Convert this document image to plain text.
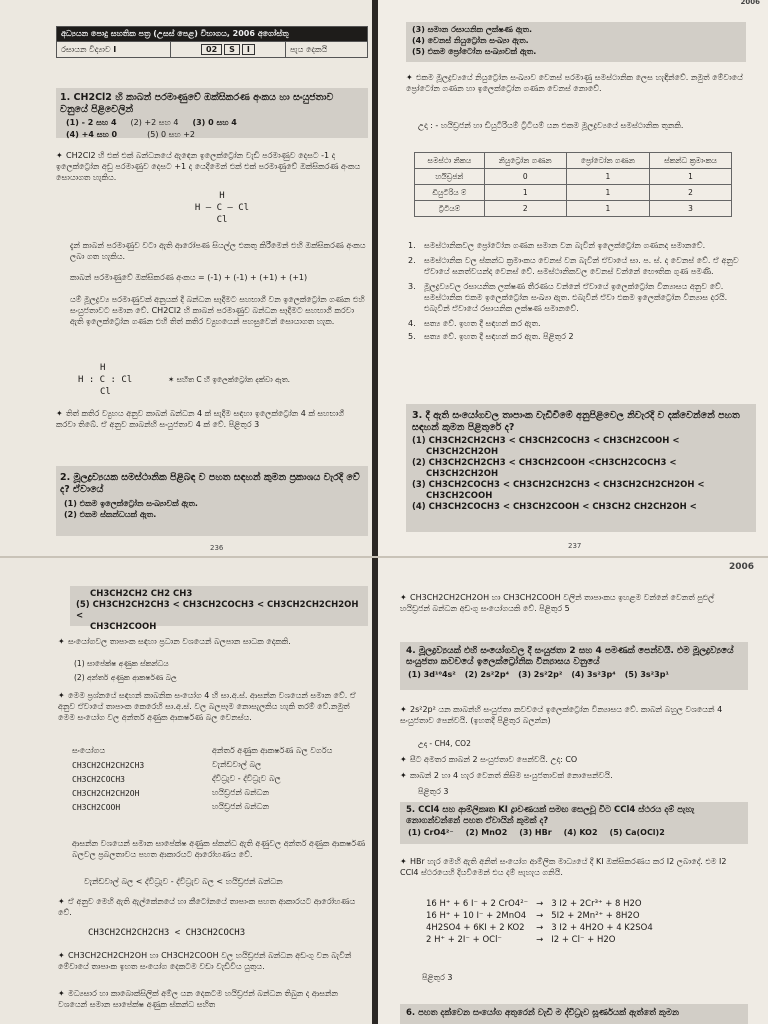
අධ්‍යයන පොදු සහතික පත්‍ර (උසස් පෙළ) විභාගය, 2006 අගෝස්තු
රසායන විද්‍යාව I	02 S I	පැය දෙකයි
1. CH2Cl2 හි කාබන් පරමාණුවේ ඔක්සිකරණ අංකය හා සංයුජතාව වනුයේ පිළිවෙලින්
(1) - 2 සහ 4 (2) +2 සහ 4 (3) 0 සහ 4
(4) +4 සහ 0	(5) 0 සහ +2
✦ CH2Cl2 හි එක් එක් බන්ධනයේ ඇඳෙන ඉලෙක්ට්‍රෝන වැඩි පරමාණුව දෙසට -1 ද ඉලෙක්ට්‍රෝන අඩු පරමාණුව දෙසට +1 ද යෙදීමෙන් එක් එක් පරමාණුවේ ඔක්සිකරණ අංකය සොයාගත හැකිය.
H
H — C — Cl
Cl
දැන් කාබන් පරමාණුව වටා ඇති ආරෝපණ සියල්ල එකතු කිරීමෙන් එහි ඔක්සිකරණ අංකය ලබා ගත හැකිය.
කාබන් පරමාණුවේ ඔක්සිකරණ අංකය = (-1) + (-1) + (+1) + (+1)
යම් මූලද්‍රව්‍ය පරමාණුවක් අනුයක් දී බන්ධන සෑදීමට සහභාගී වන ඉලෙක්ට්‍රෝන ගණන එහි සංයුජතාවට සමාන වේ. CH2Cl2 හි කාබන් පරමාණුව බන්ධන සෑදීමට සහභාගී කරවා ඇති ඉලෙක්ට්‍රෝන ගණන එහි තිත් කතිර ව්‍යුහයෙන් පහසුවෙන් සොයාගත හැක.
H
H : C : Cl
Cl
✶ සහිත C හි ඉලෙක්ට්‍රෝන දක්වා ඇත.
✦ තිත් කතිර ව්‍යුහය අනුව කාබන් බන්ධන 4 ක් සැදීම සඳහා ඉලෙක්ට්‍රෝන 4 ක් සහභාගී කරවා තිබේ. ඒ අනුව කාබන්හි සංයුජතාව 4 ක් වේ. පිළිතුර 3
2. මූලද්‍රව්‍යයක සමස්ථානික පිළිබඳ ව පහත සඳහන් කුමන ප්‍රකාශය වැරදි වේ ද? ඒවායේ
(1) එකම ඉලෙක්ට්‍රෝන සංඛ්‍යාවක් ඇත.
(2) එකම ස්කන්ධයක් ඇත.
236
2006
(3) සමාන රසායනික ලක්ෂණ ඇත.
(4) වෙනස් නියුට්‍රෝන සංඛ්‍යා ඇත.
(5) එකම ප්‍රෝටෝන සංඛ්‍යාවක් ඇත.
✦ එකම මූලද්‍රව්‍යයේ නියුට්‍රෝන සංඛ්‍යාව වෙනස් පරමාණු සමස්ථානික ලෙස හැඳින්වේ. නමුත් මේවායේ ප්‍රෝටෝන ගණන හා ඉලෙක්ට්‍රෝන ගණන වෙනස් නොවේ.
උදා : - හයිඩ්‍රජන් හා ඩියුටීරියම් ට්‍රිටියම් යන එකම මූලද්‍රව්‍යයේ සමස්ථානික තුනකි.
සමස්ථා නිකය	නියුට්‍රෝන ගණන	ප්‍රෝටෝන ගණන	ස්කන්ධ ක්‍රමාංකය
හයිඩ්‍රජන්	0	1	1
ඩියුටීරිය ම්	1	1	2
ට්‍රිටියම්	2	1	3
1.	සමස්ථානිකවල ප්‍රෝටෝන ගණන සමාන වන බැවින් ඉලෙක්ට්‍රෝන ගණනද සමානවේ.
2.	සමස්ථානික වල ස්කන්ධ ක්‍රමාංකය වෙනස් වන බැවින් ඒවායේ සා. ප. ස්. ද වෙනස් වේ. ඒ අනුව ඒවායේ ඝනත්වයන්ද වෙනස් වේ. සමස්ථානිකවල වෙනස් වන්නේ භෞතික ගුණ පමණි.
3.	මූලද්‍රව්‍යවල රසායනික ලක්ෂණ තීරණය වන්නේ ඒවායේ ඉලෙක්ට්‍රෝන වින්‍යාසය අනුව වේ. සමස්ථානික එකම ඉලෙක්ට්‍රෝන සංඛ්‍යා ඇත. එබැවින් ඒවා එකම ඉලෙක්ට්‍රෝන වින්‍යාස දරයි. එබැවින් ඒවායේ රසායනික ලක්ෂණ සමානවේ.
4.	සත්‍ය වේ. ඉහත දී සඳහන් කර ඇත.
5.	සත්‍ය වේ. ඉහත දී සඳහන් කර ඇත. පිළිතුර 2
3. දී ඇති සංයෝගවල තාපාංක වැඩිවීමේ අනුපිළිවෙල නිවැරදි ව දක්වෙන්නේ පහත සඳහන් කුමන පිළිතුරේ ද?
(1) CH3CH2CH2CH3 < CH3CH2COCH3 < CH3CH2COOH <
CH3CH2CH2OH
(2) CH3CH2CH2CH3 < CH3CH2COOH <CH3CH2COCH3 <
CH3CH2CH2OH
(3) CH3CH2COCH3 < CH3CH2CH2CH3 < CH3CH2CH2CH2OH <
CH3CH2COOH
(4) CH3CH2COCH3 < CH3CH2COOH < CH3CH2 CH2CH2OH <
237
CH3CH2CH2 CH2 CH3
(5) CH3CH2CH2CH3 < CH3CH2COCH3 < CH3CH2CH2CH2OH <
CH3CH2COOH
✦ සංයෝගවල තාපාංක සඳහා ප්‍රධාන වශයෙන් බලපාන සාධක දෙකකි.
(1) සාපේක්ෂ අණුක ස්කන්ධය
(2) අන්තර් අණුක ආකර්ෂණ බල
✦ මෙම ප්‍රශ්නයේ සඳහන් කාබනික සංයෝග 4 හි සා.අ.ස්. ආසන්න වශයෙන් සමාන වේ. ඒ අනුව ඒවායේ තාපාංක කෙරෙහි සා.අ.ස්. වල බලපෑම නොසැලකිය හැකි තරම් වේ.නමුත් මෙම සංයෝග වල අන්තර් අණුක ආකර්ෂණ බල වෙනස්ය.
සංයෝගය	අන්තර් අණුක ආකර්ෂණ බල වර්ගය
CH3CH2CH2CH2CH3	වැන්ඩවාල් බල
CH3CH2COCH3	ද්විධ්‍රැව - ද්විධ්‍රැව බල
CH3CH2CH2CH2OH	හයිඩ්‍රජන් බන්ධන
CH3CH2COOH	හයිඩ්‍රජන් බන්ධන
ආසන්න වශයෙන් සමාන සාපේක්ෂ අණුක ස්කන්ධ ඇති අණුවල අන්තර් අණුක ආකර්ෂණ බලවල ප්‍රබලතාවය පහත ආකාරයට ආරෝහණය වේ.
වැන්ඩවාල් බල < ද්විධ්‍රැව - ද්විධ්‍රැව බල < හයිඩ්‍රජන් බන්ධන
✦ ඒ අනුව මෙහි ඇති ඇල්කේනයේ හා කීටෝනයේ තාපාංක පහත ආකාරයට ආරෝහණය වේ.
CH3CH2CH2CH2CH3 < CH3CH2COCH3
✦ CH3CH2CH2CH2OH හා CH3CH2COOH වල හයිඩ්‍රජන් බන්ධන අඩංගු වන බැවින් මේවායේ තාපාංක ඉහත සංයෝග දෙකටම වඩා වැඩිවිය යුතුය.
✦ මධ්‍යසාර හා කාබොක්සිලික් අම්ල යන දෙකටම හයිඩ්‍රජන් බන්ධන තිබුන ද ආසන්න වශයෙන් සමාන සාපේක්ෂ අණුක ස්කන්ධ සහිත
2006
✦ CH3CH2CH2CH2OH හා CH3CH2COOH වලින් තාපාංකය ඉහළම වන්නේ වෙනත් පුළුල් හයිඩ්‍රජන් බන්ධන අඩංගු සංයෝගයකි වේ. පිළිතුර 5
4. මූලද්‍රව්‍යයක් එහි සංයෝගවල දී සංයුජතා 2 සහ 4 පමණක් පෙන්වයි. එම මූලද්‍රව්‍යයේ සංයුජතා කවචයේ ඉලෙක්ට්‍රෝනික වින්‍යාසය වනුයේ
(1) 3d¹⁰4s² (2) 2s²2p⁴ (3) 2s²2p² (4) 3s²3p⁴ (5) 3s²3p¹
✦ 2s²2p² යන කාබන්හි සංයුජතා කවචයේ ඉලෙක්ට්‍රෝන වින්‍යාසය වේ. කාබන් බහුල වශයෙන් 4 සංයුජතාව පෙන්වයි. (ඉහතදී පිළිතුර බලන්න)
උදා - CH4, CO2
✦ සීට අමතර කාබන් 2 සංයුජතාව පෙන්වයි. උදා: CO
✦ කාබන් 2 හා 4 හැර වෙනත් කිසිම සංයුජතාවක් නොපෙන්වයි.
පිළිතුර 3
5. CCl4 සහ ආම්ලිකෘත KI ද්‍රාවණයක් සමඟ සෙලවූ විට CCl4 ස්ථරය දම් පැහැ නොගන්වන්නේ පහත ඒවායින් කුමක් ද?
(1) CrO4²⁻ (2) MnO2 (3) HBr (4) KO2 (5) Ca(OCl)2
✦ HBr හැර මෙහි ඇති අනිත් සංයෝග ආම්ලික මාධ්‍යයේ දී KI ඔක්සිකරණය කර I2 ලබාදේ. එම I2 CCl4 ස්ථරයෙහි දියවීමෙන් එය දම් පැහැය ගනියි.
16 H⁺ + 6 I⁻ + 2 CrO4²⁻	→	3 I2 + 2Cr³⁺ + 8 H2O
16 H⁺ + 10 I⁻ + 2MnO4	→	5I2 + 2Mn²⁺ + 8H2O
4H2SO4 + 6KI + 2 KO2	→	3 I2 + 4H2O + 4 K2SO4
2 H⁺ + 2I⁻ + OCl⁻	→	I2 + Cl⁻ + H2O
පිළිතුර 3
6. පහත දක්වෙන සංයෝග අතුරෙන් වැඩි ම ද්විධ්‍රැව ඝූර්ණයක් ඇත්තේ කුමන
